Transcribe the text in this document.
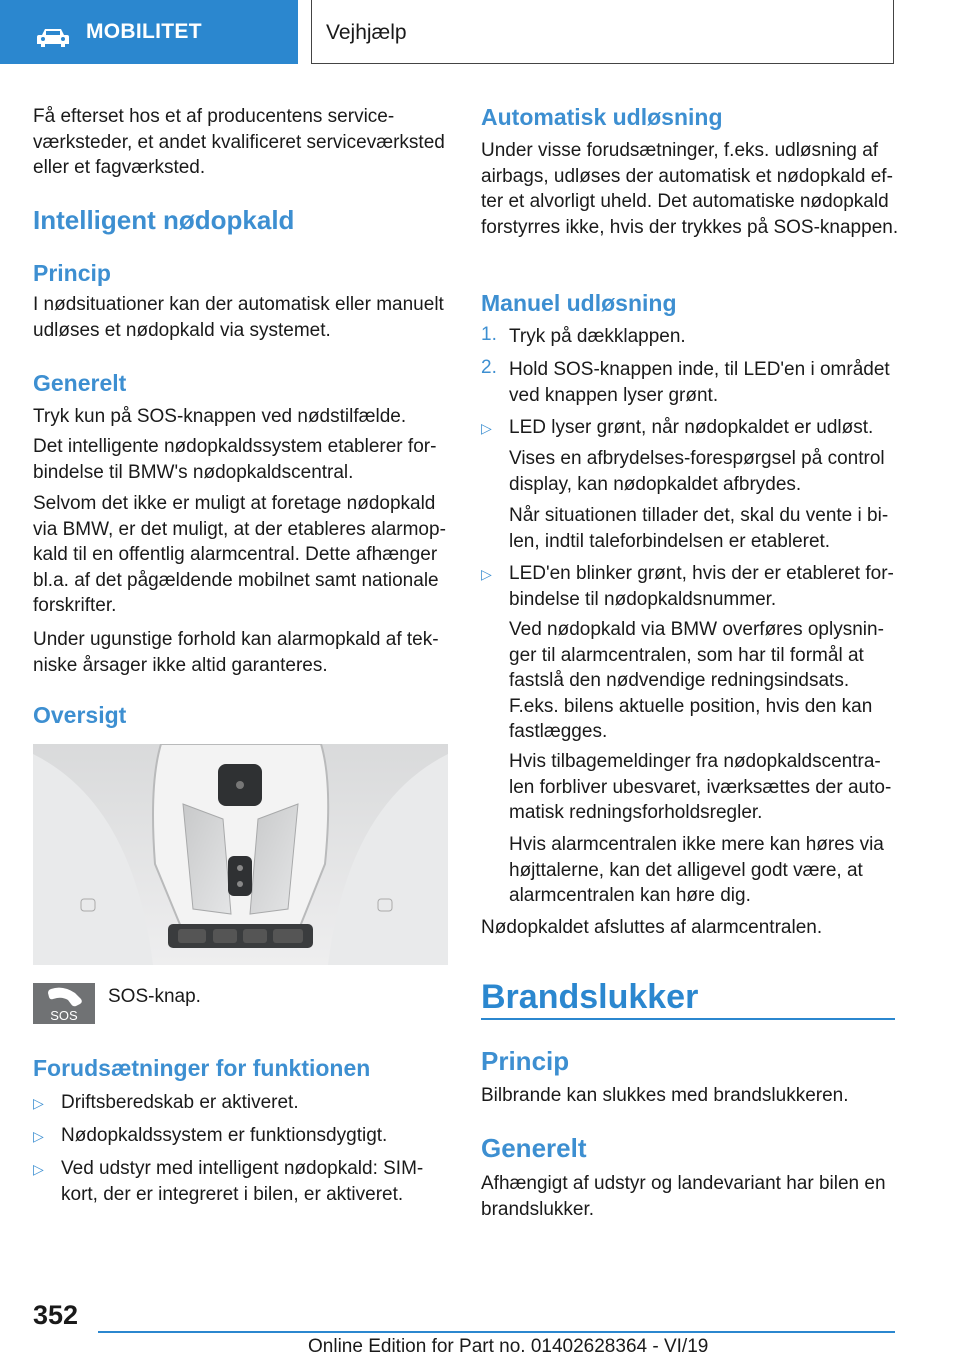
MOBILITET	Vejhjælp

Få efterset hos et af producentens serviceværksteder, et andet kvalificeret serviceværksted eller et fagværksted.

Intelligent nødopkald
Princip

I nødsituationer kan der automatisk eller manuelt udløses et nødopkald via systemet.

Generelt

Tryk kun på SOS-knappen ved nødstilfælde.

Det intelligente nødopkaldssystem etablerer forbindelse til BMW's nødopkaldscentral.

Selvom det ikke er muligt at foretage nødopkald via BMW, er det muligt, at der etableres alarmopkald til en offentlig alarmcentral. Dette afhænger bl.a. af det pågældende mobilnet samt nationale forskrifter.

Under ugunstige forhold kan alarmopkald af tekniske årsager ikke altid garanteres.

Oversigt
SOS

SOS-knap.

Forudsætninger for funktionen
▷ Driftsberedskab er aktiveret.

▷ Nødopkaldssystem er funktionsdygtigt.

▷ Ved udstyr med intelligent nødopkald: SIM-kort, der er integreret i bilen, er aktiveret.

Automatisk udløsning

Under visse forudsætninger, f.eks. udløsning af airbags, udløses der automatisk et nødopkald efter et alvorligt uheld. Det automatiske nødopkald forstyrres ikke, hvis der trykkes på SOS-knappen.

Manuel udløsning
1. Tryk på dækklappen.

2. Hold SOS-knappen inde, til LED'en i området ved knappen lyser grønt.

▷ LED lyser grønt, når nødopkaldet er udløst.

Vises en afbrydelses-forespørgsel på control display, kan nødopkaldet afbrydes.

Når situationen tillader det, skal du vente i bilen, indtil taleforbindelsen er etableret.

▷ LED'en blinker grønt, hvis der er etableret forbindelse til nødopkaldsnummer.

Ved nødopkald via BMW overføres oplysninger til alarmcentralen, som har til formål at fastslå den nødvendige redningsindsats. F.eks. bilens aktuelle position, hvis den kan fastlægges.

Hvis tilbagemeldinger fra nødopkaldscentralen forbliver ubesvaret, iværksættes der automatisk redningsforholdsregler.

Hvis alarmcentralen ikke mere kan høres via højttalerne, kan det alligevel godt være, at alarmcentralen kan høre dig.

Nødopkaldet afsluttes af alarmcentralen.

Brandslukker
Princip

Bilbrande kan slukkes med brandslukkeren.

Generelt

Afhængigt af udstyr og landevariant har bilen en brandslukker.

352
Online Edition for Part no. 01402628364 - VI/19
